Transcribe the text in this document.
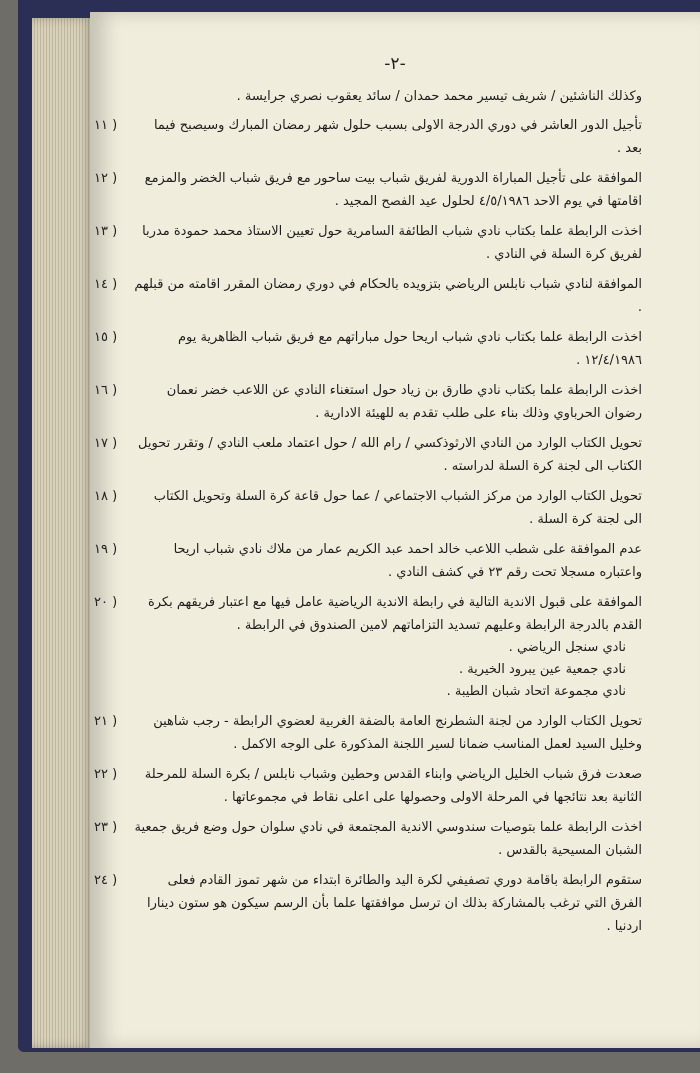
-٢-

وكذلك الناشئين / شريف تيسير محمد حمدان / سائد يعقوب نصري جرايسة .

١١ )	تأجيل الدور العاشر في دوري الدرجة الاولى بسبب حلول شهر رمضان المبارك وسيصبح فيما بعد .
١٢ )	الموافقة على تأجيل المباراة الدورية لفريق شباب بيت ساحور مع فريق شباب الخضر والمزمع اقامتها في يوم الاحد ٤/٥/١٩٨٦ لحلول عيد الفصح المجيد .
١٣ )	اخذت الرابطة علما بكتاب نادي شباب الطائفة السامرية حول تعيين الاستاذ محمد حمودة مدربا لفريق كرة السلة في النادي .
١٤ )	الموافقة لنادي شباب نابلس الرياضي بتزويده بالحكام في دوري رمضان المقرر اقامته من قبلهم .
١٥ )	اخذت الرابطة علما بكتاب نادي شباب اريحا حول مباراتهم مع فريق شباب الظاهرية يوم ١٢/٤/١٩٨٦ .
١٦ )	اخذت الرابطة علما بكتاب نادي طارق بن زياد حول استغناء النادي عن اللاعب خضر نعمان رضوان الحرباوي وذلك بناء على طلب تقدم به للهيئة الادارية .
١٧ )	تحويل الكتاب الوارد من النادي الارثوذكسي / رام الله / حول اعتماد ملعب النادي / وتقرر تحويل الكتاب الى لجنة كرة السلة لدراسته .
١٨ )	تحويل الكتاب الوارد من مركز الشباب الاجتماعي / عما حول قاعة كرة السلة وتحويل الكتاب الى لجنة كرة السلة .
١٩ )	عدم الموافقة على شطب اللاعب خالد احمد عبد الكريم عمار من ملاك نادي شباب اريحا واعتباره مسجلا تحت رقم ٢٣ في كشف النادي .
٢٠ )	الموافقة على قبول الاندية التالية في رابطة الاندية الرياضية عامل فيها مع اعتبار فريقهم بكرة القدم بالدرجة الرابطة وعليهم تسديد التزاماتهم لامين الصندوق في الرابطة .
نادي سنجل الرياضي .
نادي جمعية عين يبرود الخيرية .
نادي مجموعة اتحاد شبان الطيبة .
٢١ )	تحويل الكتاب الوارد من لجنة الشطرنج العامة بالضفة الغربية لعضوي الرابطة - رجب شاهين وخليل السيد لعمل المناسب ضمانا لسير اللجنة المذكورة على الوجه الاكمل .
٢٢ )	صعدت فرق شباب الخليل الرياضي وابناء القدس وحطين وشباب نابلس / بكرة السلة للمرحلة الثانية بعد نتائجها في المرحلة الاولى وحصولها على اعلى نقاط في مجموعاتها .
٢٣ )	اخذت الرابطة علما بتوصيات سندوسي الاندية المجتمعة في نادي سلوان حول وضع فريق جمعية الشبان المسيحية بالقدس .
٢٤ )	ستقوم الرابطة باقامة دوري تصفيفي لكرة اليد والطائرة ابتداء من شهر تموز القادم فعلى الفرق التي ترغب بالمشاركة بذلك ان ترسل موافقتها علما بأن الرسم سيكون هو ستون دينارا اردنيا .
